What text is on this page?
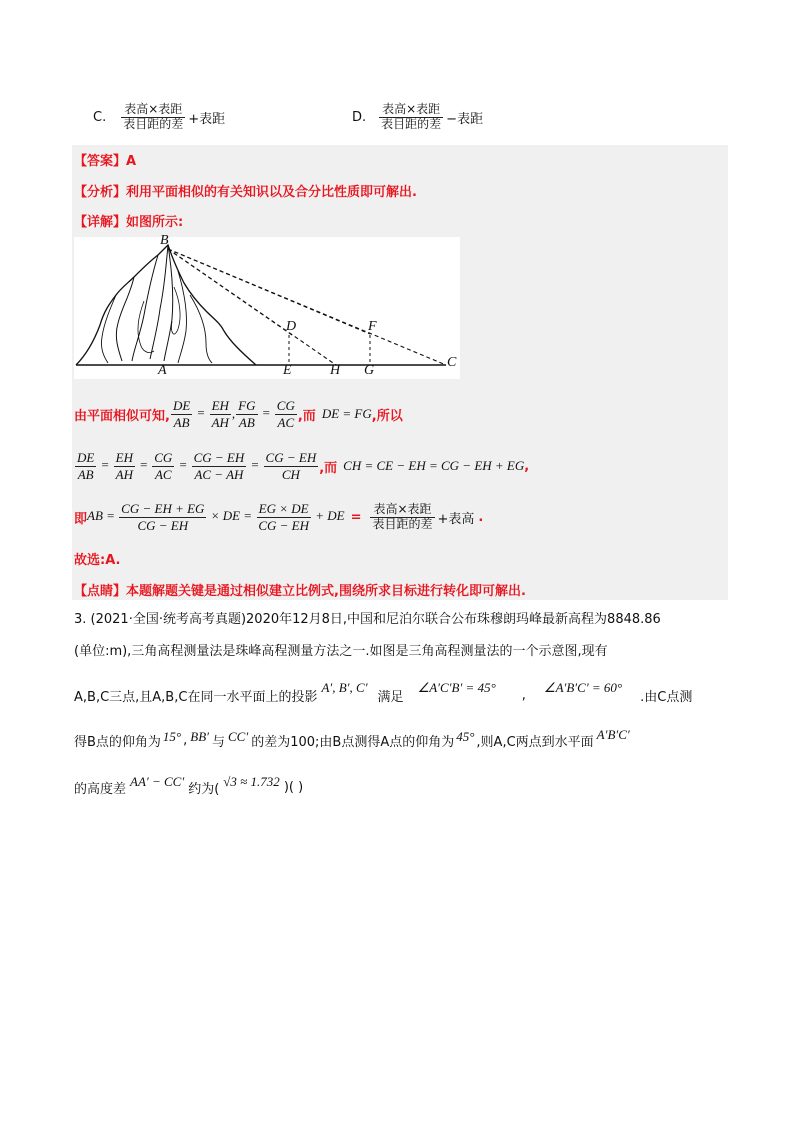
C. $\frac{\text{表高×表距}}{\text{表目距的差}}$ +表距	D. $\frac{\text{表高×表距}}{\text{表目距的差}}$ −表距
【答案】A
【分析】利用平面相似的有关知识以及合分比性质即可解出.
【详解】如图所示:
B
D	F
A	E	H G
C
由平面相似可知, $\frac{DE}{AB} = \frac{EH}{AH}$ , $\frac{FG}{AB} = \frac{CG}{AC}$ ,而 DE = FG ,所以
$\frac{DE}{AB} = \frac{EH}{AH} = \frac{CG}{AC} = \frac{CG - EH}{AC - AH} = \frac{CG - EH}{CH}$ ,而 CH = CE − EH = CG − EH + EG ,
即 AB = $\frac{CG - EH + EG}{CG - EH}$ × DE = $\frac{EG \times DE}{CG - EH}$ + DE = $\frac{\text{表高×表距}}{\text{表目距的差}}$ +表高 .
故选:A.
【点睛】本题解题关键是通过相似建立比例式,围绕所求目标进行转化即可解出.
3. (2021·全国·统考高考真题)2020年12月8日,中国和尼泊尔联合公布珠穆朗玛峰最新高程为8848.86
(单位:m),三角高程测量法是珠峰高程测量方法之一.如图是三角高程测量法的一个示意图,现有
A,B,C三点,且A,B,C在同一水平面上的投影
A′, B′, C′
满足
∠A′C′B′ = 45°
,
∠A′B′C′ = 60°
.由C点测
得B点的仰角为 15° , BB′ 与 CC′ 的差为100;由B点测得A点的仰角为 45° ,则A,C两点到水平面
A′B′C′
的高度差
AA′ − CC′
约为(
√3 ≈ 1.732 )( )
